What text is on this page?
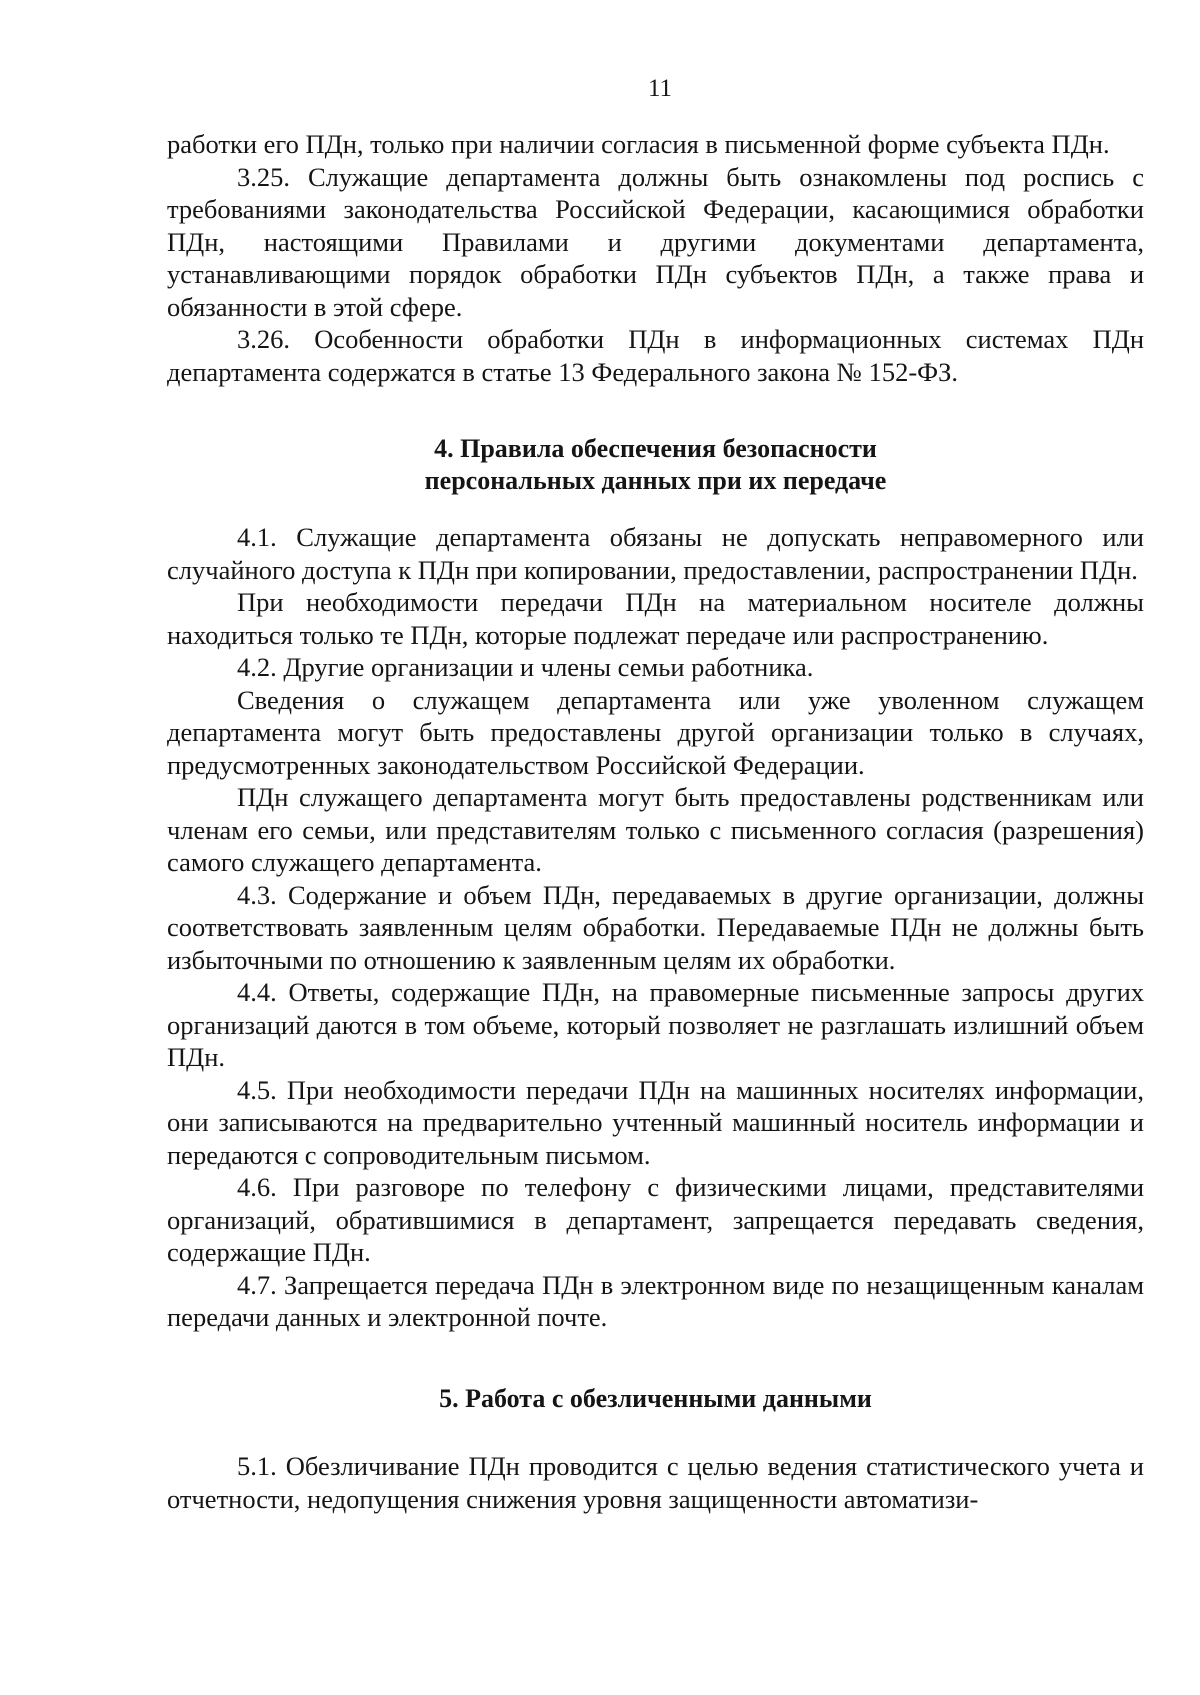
11

работки его ПДн, только при наличии согласия в письменной форме субъекта ПДн.

3.25. Служащие департамента должны быть ознакомлены под роспись с требованиями законодательства Российской Федерации, касающимися обработки ПДн, настоящими Правилами и другими документами департамента, устанавливающими порядок обработки ПДн субъектов ПДн, а также права и обязанности в этой сфере.

3.26. Особенности обработки ПДн в информационных системах ПДн департамента содержатся в статье 13 Федерального закона № 152-ФЗ.

4. Правила обеспечения безопасности
персональных данных при их передаче

4.1. Служащие департамента обязаны не допускать неправомерного или случайного доступа к ПДн при копировании, предоставлении, распространении ПДн.

При необходимости передачи ПДн на материальном носителе должны находиться только те ПДн, которые подлежат передаче или распространению.

4.2. Другие организации и члены семьи работника.

Сведения о служащем департамента или уже уволенном служащем департамента могут быть предоставлены другой организации только в случаях, предусмотренных законодательством Российской Федерации.

ПДн служащего департамента могут быть предоставлены родственникам или членам его семьи, или представителям только с письменного согласия (разрешения) самого служащего департамента.

4.3. Содержание и объем ПДн, передаваемых в другие организации, должны соответствовать заявленным целям обработки. Передаваемые ПДн не должны быть избыточными по отношению к заявленным целям их обработки.

4.4. Ответы, содержащие ПДн, на правомерные письменные запросы других организаций даются в том объеме, который позволяет не разглашать излишний объем ПДн.

4.5. При необходимости передачи ПДн на машинных носителях информации, они записываются на предварительно учтенный машинный носитель информации и передаются с сопроводительным письмом.

4.6. При разговоре по телефону с физическими лицами, представителями организаций, обратившимися в департамент, запрещается передавать сведения, содержащие ПДн.

4.7. Запрещается передача ПДн в электронном виде по незащищенным каналам передачи данных и электронной почте.

5. Работа с обезличенными данными

5.1. Обезличивание ПДн проводится с целью ведения статистического учета и отчетности, недопущения снижения уровня защищенности автоматизи-
